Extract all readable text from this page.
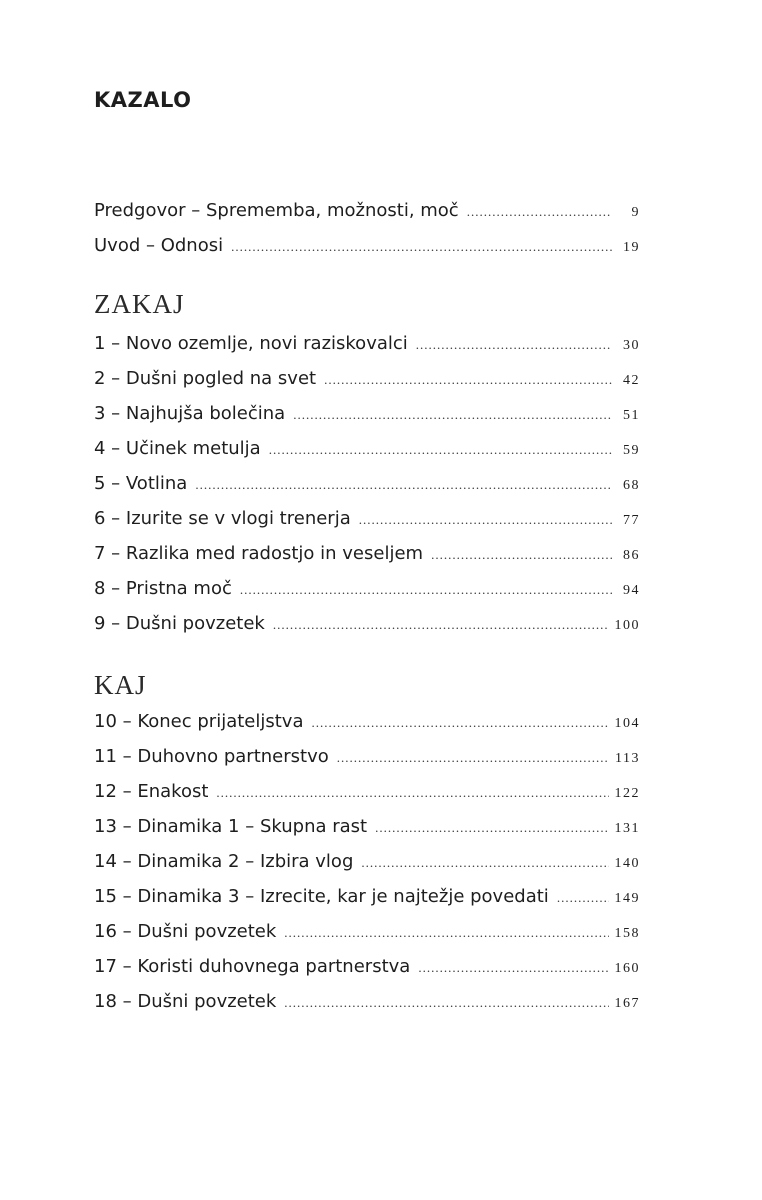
KAZALO
Predgovor – Sprememba, možnosti, moč .....	9
Uvod – Odnosi .....	19
ZAKAJ
1 – Novo ozemlje, novi raziskovalci .....	30
2 – Dušni pogled na svet .....	42
3 – Najhujša bolečina .....	51
4 – Učinek metulja .....	59
5 – Votlina .....	68
6 – Izurite se v vlogi trenerja .....	77
7 – Razlika med radostjo in veseljem .....	86
8 – Pristna moč .....	94
9 – Dušni povzetek .....	100
KAJ
10 – Konec prijateljstva .....	104
11 – Duhovno partnerstvo .....	113
12 – Enakost .....	122
13 – Dinamika 1 – Skupna rast .....	131
14 – Dinamika 2 – Izbira vlog .....	140
15 – Dinamika 3 – Izrecite, kar je najtežje povedati .....	149
16 – Dušni povzetek .....	158
17 – Koristi duhovnega partnerstva .....	160
18 – Dušni povzetek .....	167
